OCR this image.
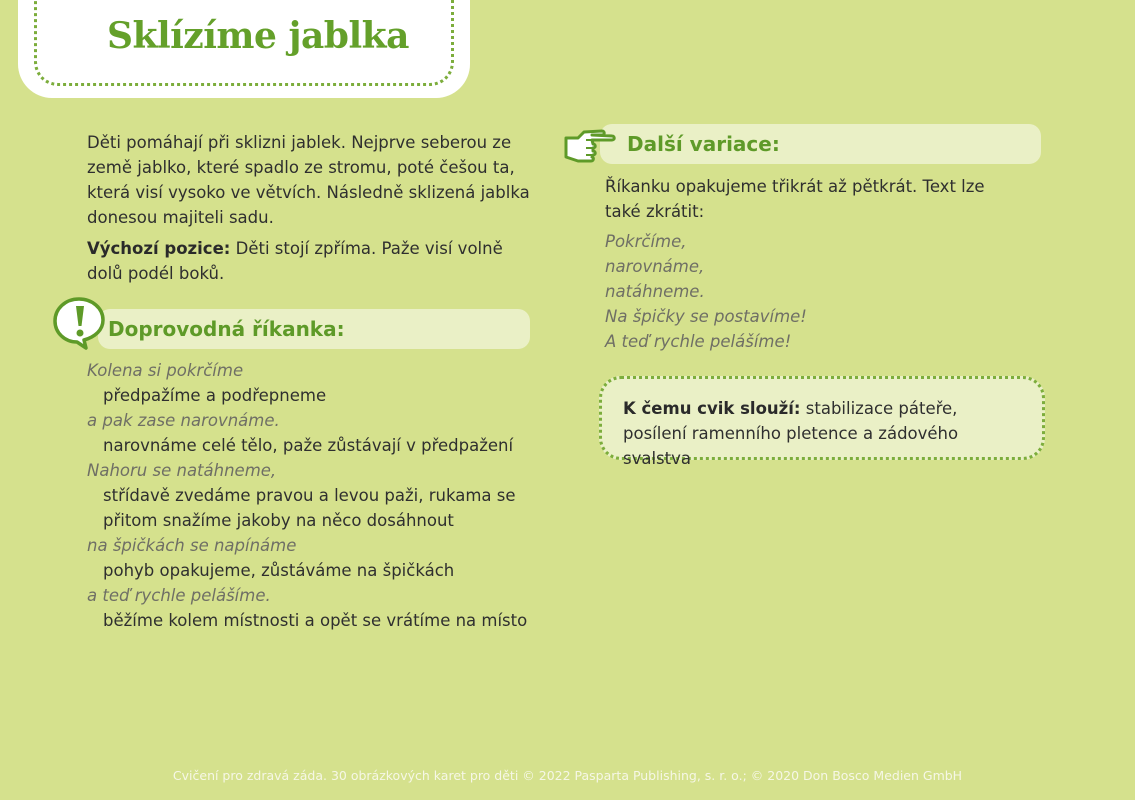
Sklízíme jablka

Děti pomáhají při sklizni jablek. Nejprve seberou ze země jablko, které spadlo ze stromu, poté češou ta, která visí vysoko ve větvích. Následně sklizená jablka donesou majiteli sadu.

Výchozí pozice: Děti stojí zpříma. Paže visí volně dolů podél boků.

Doprovodná říkanka:
Kolena si pokrčíme
předpažíme a podřepneme
a pak zase narovnáme.
narovnáme celé tělo, paže zůstávají v předpažení
Nahoru se natáhneme,
střídavě zvedáme pravou a levou paži, rukama se přitom snažíme jakoby na něco dosáhnout
na špičkách se napínáme
pohyb opakujeme, zůstáváme na špičkách
a teď rychle pelášíme.
běžíme kolem místnosti a opět se vrátíme na místo
Další variace:

Říkanku opakujeme třikrát až pětkrát. Text lze také zkrátit:

Pokrčíme,
narovnáme,
natáhneme.
Na špičky se postavíme!
A teď rychle pelášíme!
K čemu cvik slouží: stabilizace páteře, posílení ramenního pletence a zádového svalstva
Cvičení pro zdravá záda. 30 obrázkových karet pro děti © 2022 Pasparta Publishing, s. r. o.; © 2020 Don Bosco Medien GmbH
